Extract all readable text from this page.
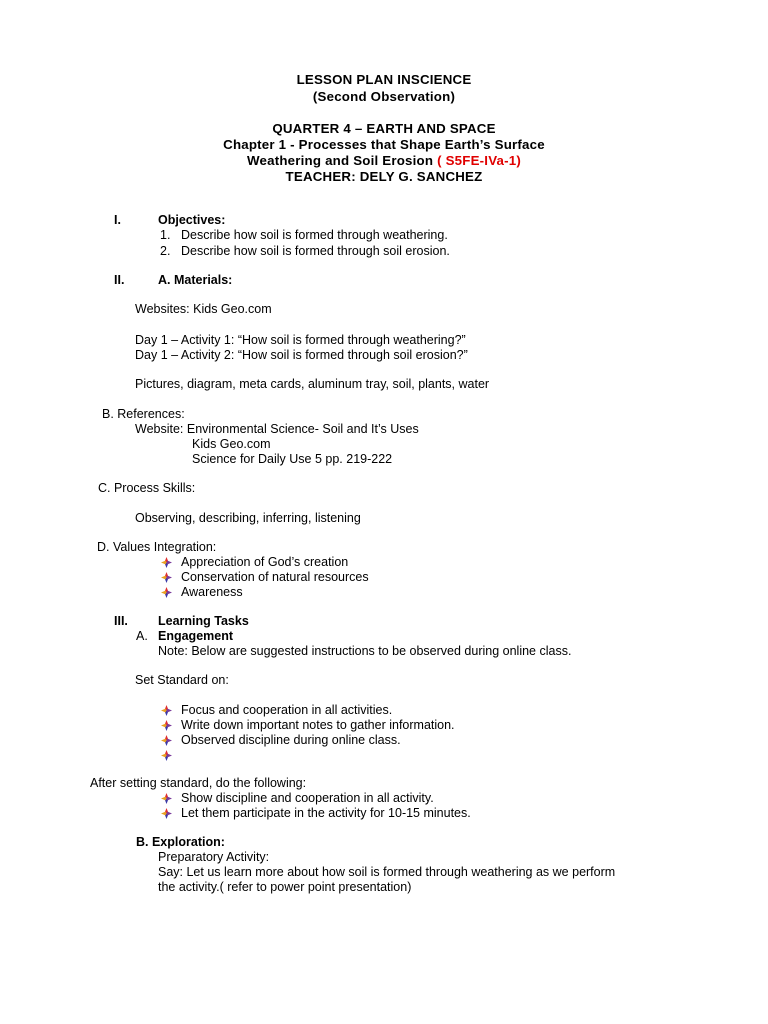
LESSON PLAN INSCIENCE
(Second Observation)
QUARTER 4 – EARTH AND SPACE
Chapter 1 - Processes that Shape Earth’s Surface
Weathering and Soil Erosion ( S5FE-IVa-1)
TEACHER: DELY G. SANCHEZ
I.	Objectives:
1. Describe how soil is formed through weathering.
2. Describe how soil is formed through soil erosion.
II.	A. Materials:
Websites: Kids Geo.com
Day 1 – Activity 1: “How soil is formed through weathering?”
Day 1 – Activity 2: “How soil is formed through soil erosion?”
Pictures, diagram, meta cards, aluminum tray, soil, plants, water
B. References:
Website: Environmental Science- Soil and It’s Uses
Kids Geo.com
Science for Daily Use 5 pp. 219-222
C. Process Skills:
Observing, describing, inferring, listening
D. Values Integration:
Appreciation of God’s creation
Conservation of natural resources
Awareness
III. Learning Tasks
A. Engagement
Note: Below are suggested instructions to be observed during online class.
Set Standard on:
Focus and cooperation in all activities.
Write down important notes to gather information.
Observed discipline during online class.
After setting standard, do the following:
Show discipline and cooperation in all activity.
Let them participate in the activity for 10-15 minutes.
B. Exploration:
Preparatory Activity:
Say: Let us learn more about how soil is formed through weathering as we perform
the activity.( refer to power point presentation)
